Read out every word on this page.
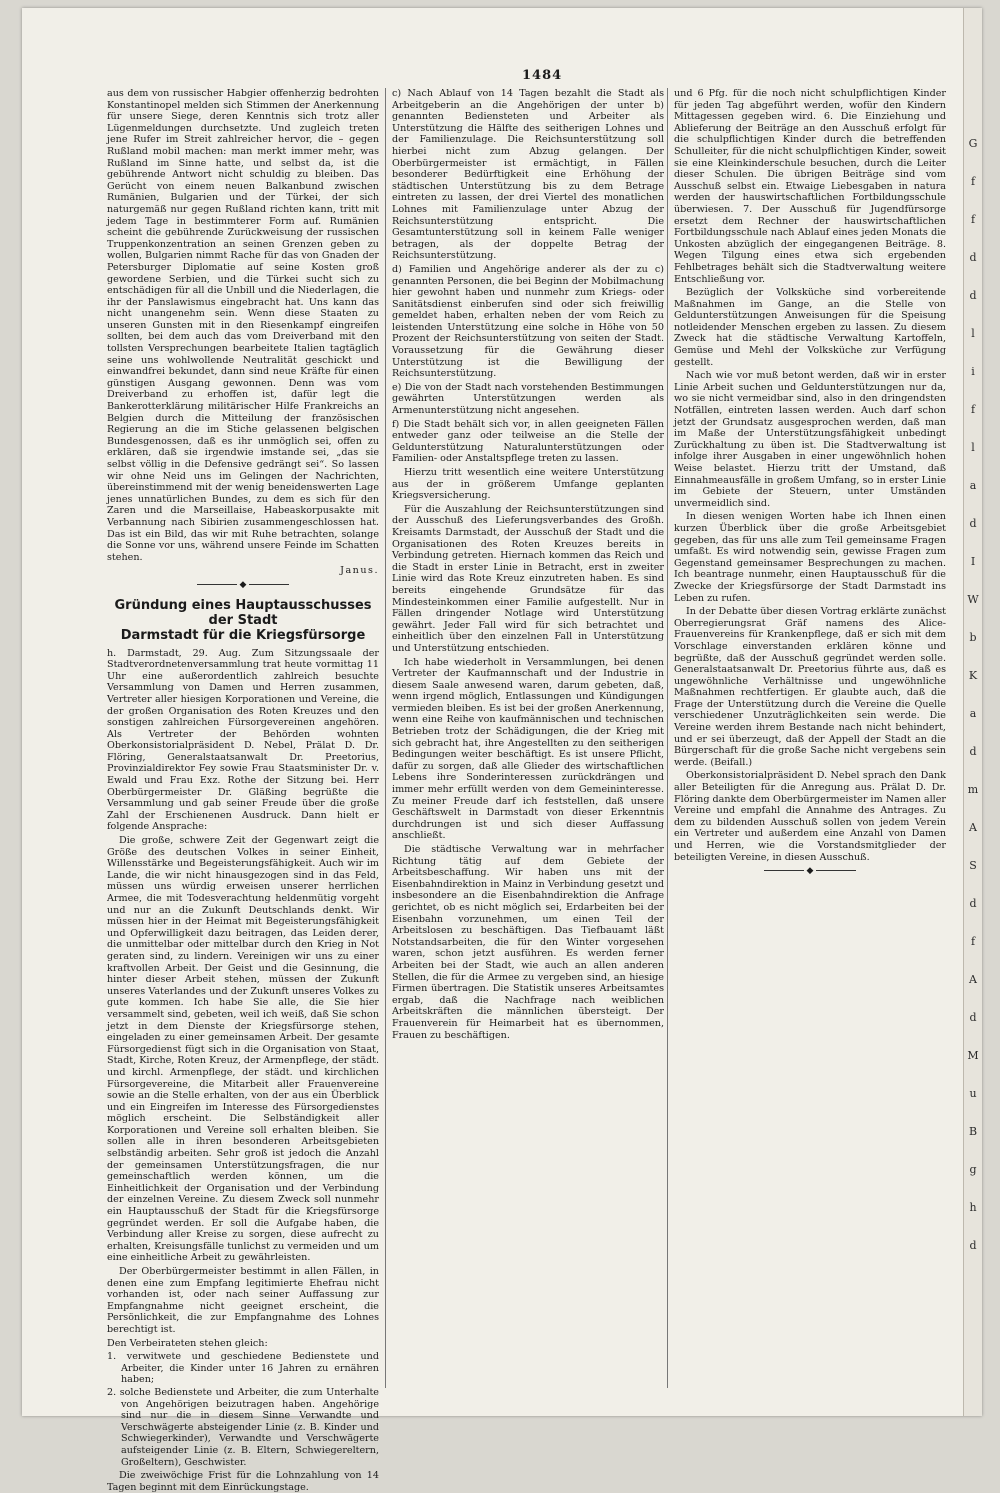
G
f
f
d
d
l
i
f
l
a
d
I
W
b
K
a
d
m
A
S
d
f
A
d
M
u
B
g
h
d
1484

aus dem von russischer Habgier offenherzig bedrohten Konstantinopel melden sich Stimmen der Anerkennung für unsere Siege, deren Kenntnis sich trotz aller Lügenmeldungen durchsetzte. Und zugleich treten jene Rufer im Streit zahlreicher hervor, die – gegen Rußland mobil machen: man merkt immer mehr, was Rußland im Sinne hatte, und selbst da, ist die gebührende Antwort nicht schuldig zu bleiben. Das Gerücht von einem neuen Balkanbund zwischen Rumänien, Bulgarien und der Türkei, der sich naturgemäß nur gegen Rußland richten kann, tritt mit jedem Tage in bestimmterer Form auf. Rumänien scheint die gebührende Zurückweisung der russischen Truppenkonzentration an seinen Grenzen geben zu wollen, Bulgarien nimmt Rache für das von Gnaden der Petersburger Diplomatie auf seine Kosten groß gewordene Serbien, und die Türkei sucht sich zu entschädigen für all die Unbill und die Niederlagen, die ihr der Panslawismus eingebracht hat. Uns kann das nicht unangenehm sein. Wenn diese Staaten zu unseren Gunsten mit in den Riesenkampf eingreifen sollten, bei dem auch das vom Dreiverband mit den tollsten Versprechungen bearbeitete Italien tagtäglich seine uns wohlwollende Neutralität geschickt und einwandfrei bekundet, dann sind neue Kräfte für einen günstigen Ausgang gewonnen. Denn was vom Dreiverband zu erhoffen ist, dafür legt die Bankerotterklärung militärischer Hilfe Frankreichs an Belgien durch die Mitteilung der französischen Regierung an die im Stiche gelassenen belgischen Bundesgenossen, daß es ihr unmöglich sei, offen zu erklären, daß sie irgendwie imstande sei, „das sie selbst völlig in die Defensive gedrängt sei“. So lassen wir ohne Neid uns im Gelingen der Nachrichten, übereinstimmend mit der wenig beneidenswerten Lage jenes unnatürlichen Bundes, zu dem es sich für den Zaren und die Marseillaise, Habeaskorpusakte mit Verbannung nach Sibirien zusammengeschlossen hat. Das ist ein Bild, das wir mit Ruhe betrachten, solange die Sonne vor uns, während unsere Feinde im Schatten stehen.

Janus.
◆
Gründung eines Hauptausschusses der Stadt
Darmstadt für die Kriegsfürsorge

h. Darmstadt, 29. Aug. Zum Sitzungssaale der Stadtverordnetenversammlung trat heute vormittag 11 Uhr eine außerordentlich zahlreich besuchte Versammlung von Damen und Herren zusammen, Vertreter aller hiesigen Korporationen und Vereine, die der großen Organisation des Roten Kreuzes und den sonstigen zahlreichen Fürsorgevereinen angehören. Als Vertreter der Behörden wohnten Oberkonsistorialpräsident D. Nebel, Prälat D. Dr. Flöring, Generalstaatsanwalt Dr. Preetorius, Provinzialdirektor Fey sowie Frau Staatsminister Dr. v. Ewald und Frau Exz. Rothe der Sitzung bei. Herr Oberbürgermeister Dr. Gläßing begrüßte die Versammlung und gab seiner Freude über die große Zahl der Erschienenen Ausdruck. Dann hielt er folgende Ansprache:

Die große, schwere Zeit der Gegenwart zeigt die Größe des deutschen Volkes in seiner Einheit, Willensstärke und Begeisterungsfähigkeit. Auch wir im Lande, die wir nicht hinausgezogen sind in das Feld, müssen uns würdig erweisen unserer herrlichen Armee, die mit Todesverachtung heldenmütig vorgeht und nur an die Zukunft Deutschlands denkt. Wir müssen hier in der Heimat mit Begeisterungsfähigkeit und Opferwilligkeit dazu beitragen, das Leiden derer, die unmittelbar oder mittelbar durch den Krieg in Not geraten sind, zu lindern. Vereinigen wir uns zu einer kraftvollen Arbeit. Der Geist und die Gesinnung, die hinter dieser Arbeit stehen, müssen der Zukunft unseres Vaterlandes und der Zukunft unseres Volkes zu gute kommen. Ich habe Sie alle, die Sie hier versammelt sind, gebeten, weil ich weiß, daß Sie schon jetzt in dem Dienste der Kriegsfürsorge stehen, eingeladen zu einer gemeinsamen Arbeit. Der gesamte Fürsorgedienst fügt sich in die Organisation von Staat, Stadt, Kirche, Roten Kreuz, der Armenpflege, der städt. und kirchl. Armenpflege, der städt. und kirchlichen Fürsorgevereine, die Mitarbeit aller Frauenvereine sowie an die Stelle erhalten, von der aus ein Überblick und ein Eingreifen im Interesse des Fürsorgedienstes möglich erscheint. Die Selbständigkeit aller Korporationen und Vereine soll erhalten bleiben. Sie sollen alle in ihren besonderen Arbeitsgebieten selbständig arbeiten. Sehr groß ist jedoch die Anzahl der gemeinsamen Unterstützungsfragen, die nur gemeinschaftlich werden können, um die Einheitlichkeit der Organisation und der Verbindung der einzelnen Vereine. Zu diesem Zweck soll nunmehr ein Hauptausschuß der Stadt für die Kriegsfürsorge gegründet werden. Er soll die Aufgabe haben, die Verbindung aller Kreise zu sorgen, diese aufrecht zu erhalten, Kreisungsfälle tunlichst zu vermeiden und um eine einheitliche Arbeit zu gewährleisten.

Der Oberbürgermeister bestimmt in allen Fällen, in denen eine zum Empfang legitimierte Ehefrau nicht vorhanden ist, oder nach seiner Auffassung zur Empfangnahme nicht geeignet erscheint, die Persönlichkeit, die zur Empfangnahme des Lohnes berechtigt ist.

Den Verbeirateten stehen gleich:

1. verwitwete und geschiedene Bedienstete und Arbeiter, die Kinder unter 16 Jahren zu ernähren haben;
2. solche Bedienstete und Arbeiter, die zum Unterhalte von Angehörigen beizutragen haben. Angehörige sind nur die in diesem Sinne Verwandte und Verschwägerte absteigender Linie (z. B. Kinder und Schwiegerkinder), Verwandte und Verschwägerte aufsteigender Linie (z. B. Eltern, Schwiegereltern, Großeltern), Geschwister.

Die zweiwöchige Frist für die Lohnzahlung von 14 Tagen beginnt mit dem Einrückungstage.

c) Nach Ablauf von 14 Tagen bezahlt die Stadt als Arbeitgeberin an die Angehörigen der unter b) genannten Bediensteten und Arbeiter als Unterstützung die Hälfte des seitherigen Lohnes und der Familienzulage. Die Reichsunterstützung soll hierbei nicht zum Abzug gelangen. Der Oberbürgermeister ist ermächtigt, in Fällen besonderer Bedürftigkeit eine Erhöhung der städtischen Unterstützung bis zu dem Betrage eintreten zu lassen, der drei Viertel des monatlichen Lohnes mit Familienzulage unter Abzug der Reichsunterstützung entspricht. Die Gesamtunterstützung soll in keinem Falle weniger betragen, als der doppelte Betrag der Reichsunterstützung.

d) Familien und Angehörige anderer als der zu c) genannten Personen, die bei Beginn der Mobilmachung hier gewohnt haben und nunmehr zum Kriegs- oder Sanitätsdienst einberufen sind oder sich freiwillig gemeldet haben, erhalten neben der vom Reich zu leistenden Unterstützung eine solche in Höhe von 50 Prozent der Reichsunterstützung von seiten der Stadt. Voraussetzung für die Gewährung dieser Unterstützung ist die Bewilligung der Reichsunterstützung.

e) Die von der Stadt nach vorstehenden Bestimmungen gewährten Unterstützungen werden als Armenunterstützung nicht angesehen.

f) Die Stadt behält sich vor, in allen geeigneten Fällen entweder ganz oder teilweise an die Stelle der Geldunterstützung Naturalunterstützungen oder Familien- oder Anstaltspflege treten zu lassen.

Hierzu tritt wesentlich eine weitere Unterstützung aus der in größerem Umfange geplanten Kriegsversicherung.

Für die Auszahlung der Reichsunterstützungen sind der Ausschuß des Lieferungsverbandes des Großh. Kreisamts Darmstadt, der Ausschuß der Stadt und die Organisationen des Roten Kreuzes bereits in Verbindung getreten. Hiernach kommen das Reich und die Stadt in erster Linie in Betracht, erst in zweiter Linie wird das Rote Kreuz einzutreten haben. Es sind bereits eingehende Grundsätze für das Mindesteinkommen einer Familie aufgestellt. Nur in Fällen dringender Notlage wird Unterstützung gewährt. Jeder Fall wird für sich betrachtet und einheitlich über den einzelnen Fall in Unterstützung und Unterstützung entschieden.

Ich habe wiederholt in Versammlungen, bei denen Vertreter der Kaufmannschaft und der Industrie in diesem Saale anwesend waren, darum gebeten, daß, wenn irgend möglich, Entlassungen und Kündigungen vermieden bleiben. Es ist bei der großen Anerkennung, wenn eine Reihe von kaufmännischen und technischen Betrieben trotz der Schädigungen, die der Krieg mit sich gebracht hat, ihre Angestellten zu den seitherigen Bedingungen weiter beschäftigt. Es ist unsere Pflicht, dafür zu sorgen, daß alle Glieder des wirtschaftlichen Lebens ihre Sonderinteressen zurückdrängen und immer mehr erfüllt werden von dem Gemeininteresse. Zu meiner Freude darf ich feststellen, daß unsere Geschäftswelt in Darmstadt von dieser Erkenntnis durchdrungen ist und sich dieser Auffassung anschließt.

Die städtische Verwaltung war in mehrfacher Richtung tätig auf dem Gebiete der Arbeitsbeschaffung. Wir haben uns mit der Eisenbahndirektion in Mainz in Verbindung gesetzt und insbesondere an die Eisenbahndirektion die Anfrage gerichtet, ob es nicht möglich sei, Erdarbeiten bei der Eisenbahn vorzunehmen, um einen Teil der Arbeitslosen zu beschäftigen. Das Tiefbauamt läßt Notstandsarbeiten, die für den Winter vorgesehen waren, schon jetzt ausführen. Es werden ferner Arbeiten bei der Stadt, wie auch an allen anderen Stellen, die für die Armee zu vergeben sind, an hiesige Firmen übertragen. Die Statistik unseres Arbeitsamtes ergab, daß die Nachfrage nach weiblichen Arbeitskräften die männlichen übersteigt. Der Frauenverein für Heimarbeit hat es übernommen, Frauen zu beschäftigen.

und 6 Pfg. für die noch nicht schulpflichtigen Kinder für jeden Tag abgeführt werden, wofür den Kindern Mittagessen gegeben wird. 6. Die Einziehung und Ablieferung der Beiträge an den Ausschuß erfolgt für die schulpflichtigen Kinder durch die betreffenden Schulleiter, für die nicht schulpflichtigen Kinder, soweit sie eine Kleinkinderschule besuchen, durch die Leiter dieser Schulen. Die übrigen Beiträge sind vom Ausschuß selbst ein. Etwaige Liebesgaben in natura werden der hauswirtschaftlichen Fortbildungsschule überwiesen. 7. Der Ausschuß für Jugendfürsorge ersetzt dem Rechner der hauswirtschaftlichen Fortbildungsschule nach Ablauf eines jeden Monats die Unkosten abzüglich der eingegangenen Beiträge. 8. Wegen Tilgung eines etwa sich ergebenden Fehlbetrages behält sich die Stadtverwaltung weitere Entschließung vor.

Bezüglich der Volksküche sind vorbereitende Maßnahmen im Gange, an die Stelle von Geldunterstützungen Anweisungen für die Speisung notleidender Menschen ergeben zu lassen. Zu diesem Zweck hat die städtische Verwaltung Kartoffeln, Gemüse und Mehl der Volksküche zur Verfügung gestellt.

Nach wie vor muß betont werden, daß wir in erster Linie Arbeit suchen und Geldunterstützungen nur da, wo sie nicht vermeidbar sind, also in den dringendsten Notfällen, eintreten lassen werden. Auch darf schon jetzt der Grundsatz ausgesprochen werden, daß man im Maße der Unterstützungsfähigkeit unbedingt Zurückhaltung zu üben ist. Die Stadtverwaltung ist infolge ihrer Ausgaben in einer ungewöhnlich hohen Weise belastet. Hierzu tritt der Umstand, daß Einnahmeausfälle in großem Umfang, so in erster Linie im Gebiete der Steuern, unter Umständen unvermeidlich sind.

In diesen wenigen Worten habe ich Ihnen einen kurzen Überblick über die große Arbeitsgebiet gegeben, das für uns alle zum Teil gemeinsame Fragen umfaßt. Es wird notwendig sein, gewisse Fragen zum Gegenstand gemeinsamer Besprechungen zu machen. Ich beantrage nunmehr, einen Hauptausschuß für die Zwecke der Kriegsfürsorge der Stadt Darmstadt ins Leben zu rufen.

In der Debatte über diesen Vortrag erklärte zunächst Oberregierungsrat Gräf namens des Alice-Frauenvereins für Krankenpflege, daß er sich mit dem Vorschlage einverstanden erklären könne und begrüßte, daß der Ausschuß gegründet werden solle. Generalstaatsanwalt Dr. Preetorius führte aus, daß es ungewöhnliche Verhältnisse und ungewöhnliche Maßnahmen rechtfertigen. Er glaubte auch, daß die Frage der Unterstützung durch die Vereine die Quelle verschiedener Unzuträglichkeiten sein werde. Die Vereine werden ihrem Bestande nach nicht behindert, und er sei überzeugt, daß der Appell der Stadt an die Bürgerschaft für die große Sache nicht vergebens sein werde. (Beifall.)

Oberkonsistorialpräsident D. Nebel sprach den Dank aller Beteiligten für die Anregung aus. Prälat D. Dr. Flöring dankte dem Oberbürgermeister im Namen aller Vereine und empfahl die Annahme des Antrages. Zu dem zu bildenden Ausschuß sollen von jedem Verein ein Vertreter und außerdem eine Anzahl von Damen und Herren, wie die Vorstandsmitglieder der beteiligten Vereine, in diesen Ausschuß.

◆
